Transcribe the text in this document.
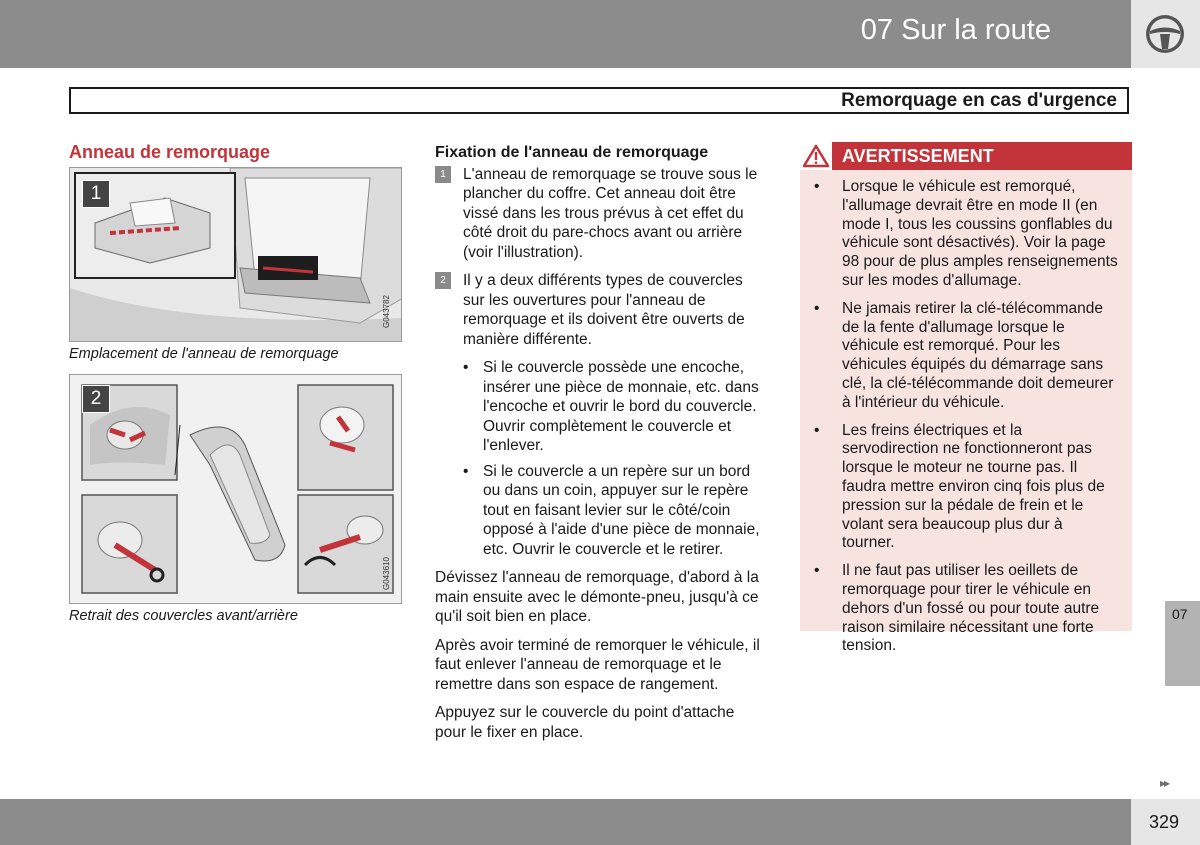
07 Sur la route
Remorquage en cas d'urgence
Anneau de remorquage
1
G043782
Emplacement de l'anneau de remorquage
2
G043610
Retrait des couvercles avant/arrière
Fixation de l'anneau de remorquage
1	L'anneau de remorquage se trouve sous le plancher du coffre. Cet anneau doit être vissé dans les trous prévus à cet effet du côté droit du pare-chocs avant ou arrière (voir l'illustration).
2	Il y a deux différents types de couvercles sur les ouvertures pour l'anneau de remorquage et ils doivent être ouverts de manière différente.
• Si le couvercle possède une encoche, insérer une pièce de monnaie, etc. dans l'encoche et ouvrir le bord du couvercle. Ouvrir complètement le couvercle et l'enlever.
• Si le couvercle a un repère sur un bord ou dans un coin, appuyer sur le repère tout en faisant levier sur le côté/coin opposé à l'aide d'une pièce de monnaie, etc. Ouvrir le couvercle et le retirer.

Dévissez l'anneau de remorquage, d'abord à la main ensuite avec le démonte-pneu, jusqu'à ce qu'il soit bien en place.

Après avoir terminé de remorquer le véhicule, il faut enlever l'anneau de remorquage et le remettre dans son espace de rangement.

Appuyez sur le couvercle du point d'attache pour le fixer en place.

AVERTISSEMENT
• Lorsque le véhicule est remorqué, l'allumage devrait être en mode II (en mode I, tous les coussins gonflables du véhicule sont désactivés). Voir la page 98 pour de plus amples renseignements sur les modes d'allumage.
• Ne jamais retirer la clé-télécommande de la fente d'allumage lorsque le véhicule est remorqué. Pour les véhicules équipés du démarrage sans clé, la clé-télécommande doit demeurer à l'intérieur du véhicule.
• Les freins électriques et la servodirection ne fonctionneront pas lorsque le moteur ne tourne pas. Il faudra mettre environ cinq fois plus de pression sur la pédale de frein et le volant sera beaucoup plus dur à tourner.
• Il ne faut pas utiliser les oeillets de remorquage pour tirer le véhicule en dehors d'un fossé ou pour toute autre raison similaire nécessitant une forte tension.
07
▸▸
329
